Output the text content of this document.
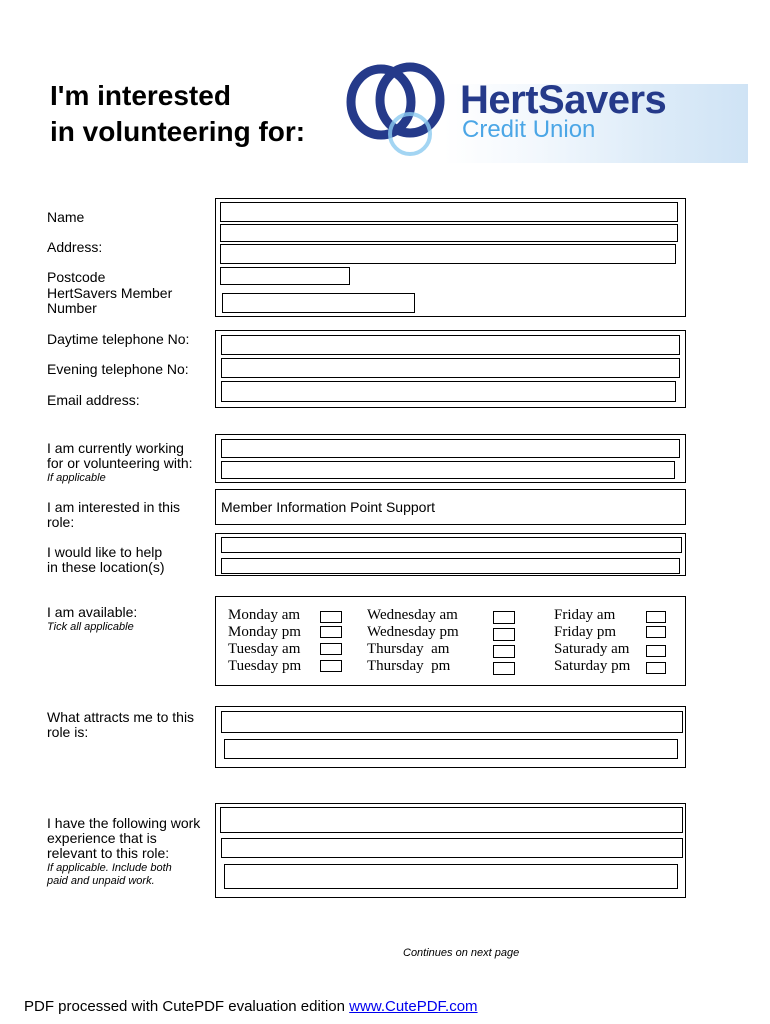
I'm interested
in volunteering for:
HertSavers
Credit Union
Name
Address:
Postcode
HertSavers Member
Number
Daytime telephone No:
Evening telephone No:
Email address:
I am currently working
for or volunteering with:
If applicable
I am interested in this
role:
Member Information Point Support
I would like to help
in these location(s)
I am available:
Tick all applicable
Monday am
Monday pm
Tuesday am
Tuesday pm
Wednesday am
Wednesday pm
Thursday  am
Thursday  pm
Friday am
Friday pm
Saturady am
Saturday pm
What attracts me to this
role is:
I have the following work
experience that is
relevant to this role:
If applicable. Include both
paid and unpaid work.
Continues on next page
PDF processed with CutePDF evaluation edition www.CutePDF.com
